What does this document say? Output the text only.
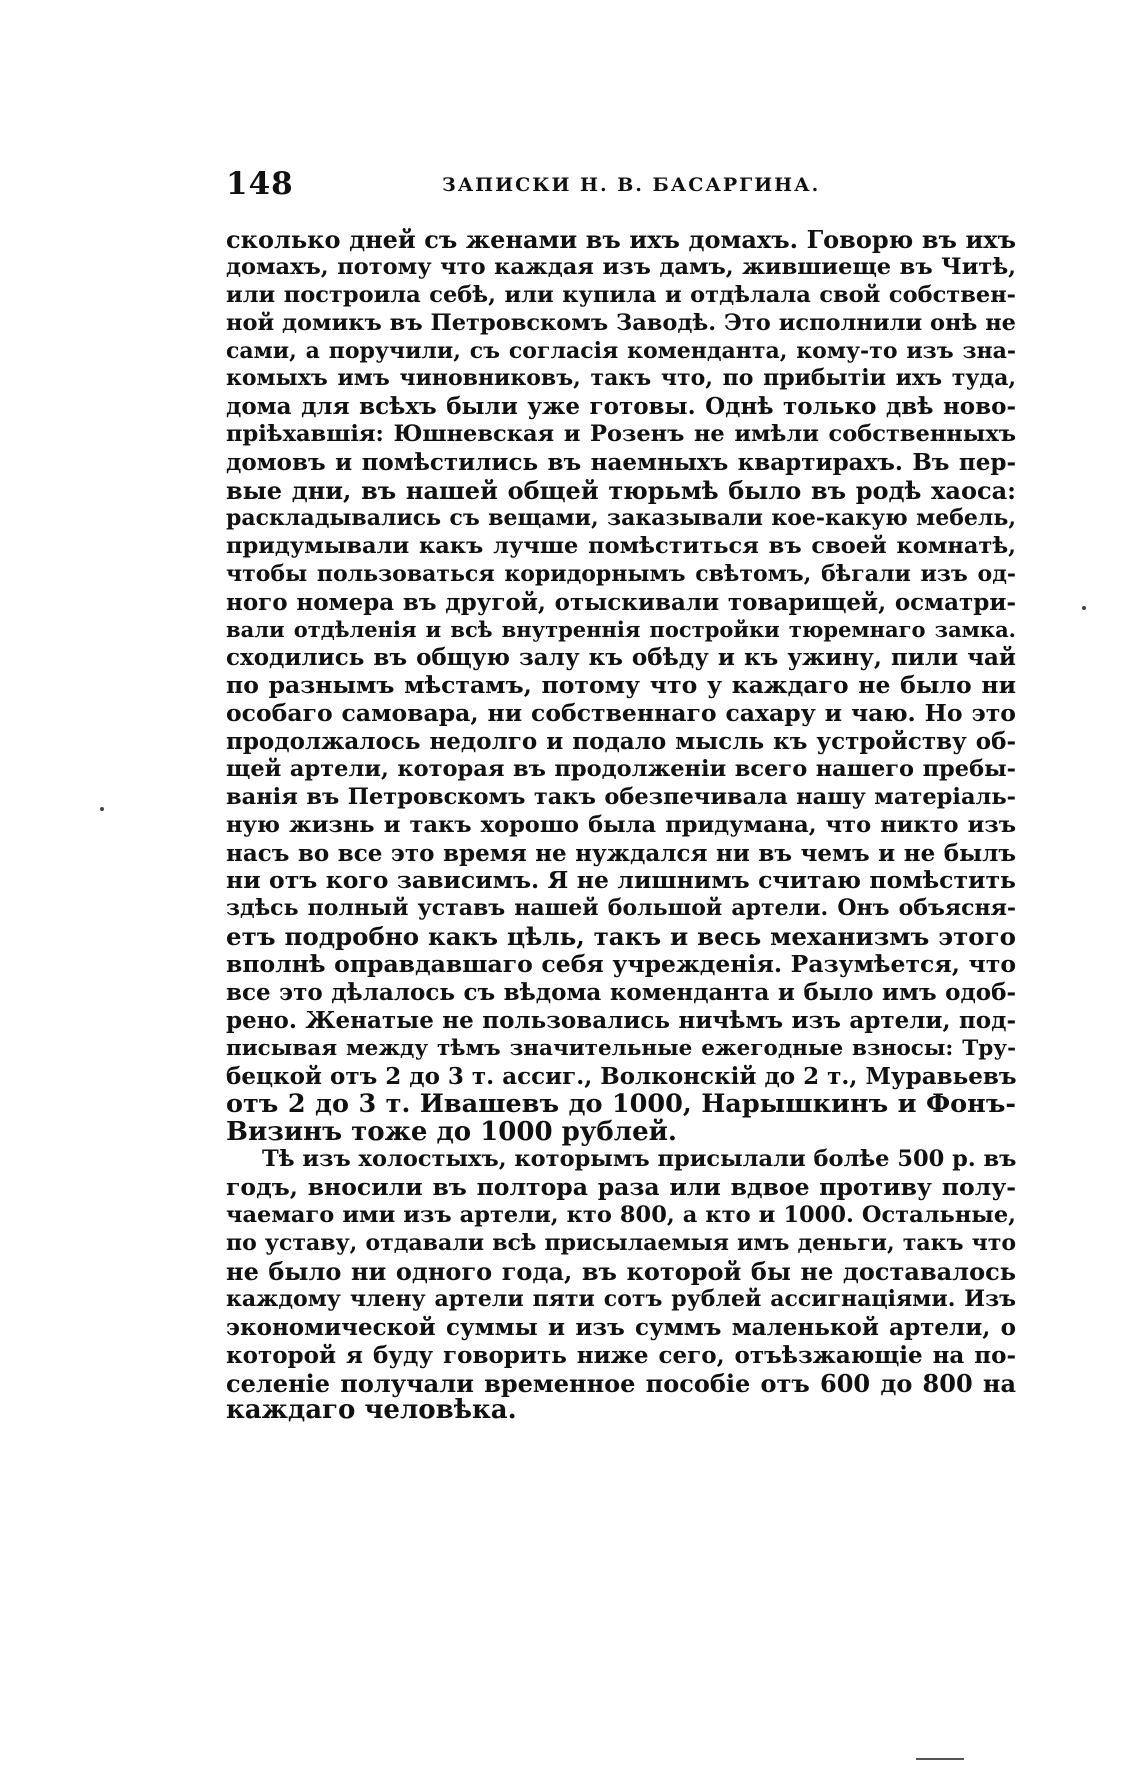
148	ЗАПИСКИ Н. В. БАСАРГИНА.
сколько дней съ женами въ ихъ домахъ. Говорю въ ихъ
домахъ, потому что каждая изъ дамъ, жившиеще въ Читѣ,
или построила себѣ, или купила и отдѣлала свой собствен-
ной домикъ въ Петровскомъ Заводѣ. Это исполнили онѣ не
сами, а поручили, съ согласія коменданта, кому-то изъ зна-
комыхъ имъ чиновниковъ, такъ что, по прибытіи ихъ туда,
дома для всѣхъ были уже готовы. Однѣ только двѣ ново-
пріѣхавшія: Юшневская и Розенъ не имѣли собственныхъ
домовъ и помѣстились въ наемныхъ квартирахъ. Въ пер-
вые дни, въ нашей общей тюрьмѣ было въ родѣ хаоса:
раскладывались съ вещами, заказывали кое-какую мебель,
придумывали какъ лучше помѣститься въ своей комнатѣ,
чтобы пользоваться коридорнымъ свѣтомъ, бѣгали изъ од-
ного номера въ другой, отыскивали товарищей, осматри-
вали отдѣленія и всѣ внутреннія постройки тюремнаго замка.
сходились въ общую залу къ обѣду и къ ужину, пили чай
по разнымъ мѣстамъ, потому что у каждаго не было ни
особаго самовара, ни собственнаго сахару и чаю. Но это
продолжалось недолго и подало мысль къ устройству об-
щей артели, которая въ продолженіи всего нашего пребы-
ванія въ Петровскомъ такъ обезпечивала нашу матеріаль-
ную жизнь и такъ хорошо была придумана, что никто изъ
насъ во все это время не нуждался ни въ чемъ и не былъ
ни отъ кого зависимъ. Я не лишнимъ считаю помѣстить
здѣсь полный уставъ нашей большой артели. Онъ объясня-
етъ подробно какъ цѣль, такъ и весь механизмъ этого
вполнѣ оправдавшаго себя учрежденія. Разумѣется, что
все это дѣлалось съ вѣдома коменданта и было имъ одоб-
рено. Женатые не пользовались ничѣмъ изъ артели, под-
писывая между тѣмъ значительные ежегодные взносы: Тру-
бецкой отъ 2 до 3 т. ассиг., Волконскій до 2 т., Муравьевъ
отъ 2 до 3 т. Ивашевъ до 1000, Нарышкинъ и Фонъ-
Визинъ тоже до 1000 рублей.
Тѣ изъ холостыхъ, которымъ присылали болѣе 500 р. въ
годъ, вносили въ полтора раза или вдвое противу полу-
чаемаго ими изъ артели, кто 800, а кто и 1000. Остальные,
по уставу, отдавали всѣ присылаемыя имъ деньги, такъ что
не было ни одного года, въ которой бы не доставалось
каждому члену артели пяти сотъ рублей ассигнаціями. Изъ
экономической суммы и изъ суммъ маленькой артели, о
которой я буду говорить ниже сего, отъѣзжающіе на по-
селеніе получали временное пособіе отъ 600 до 800 на
каждаго человѣка.
